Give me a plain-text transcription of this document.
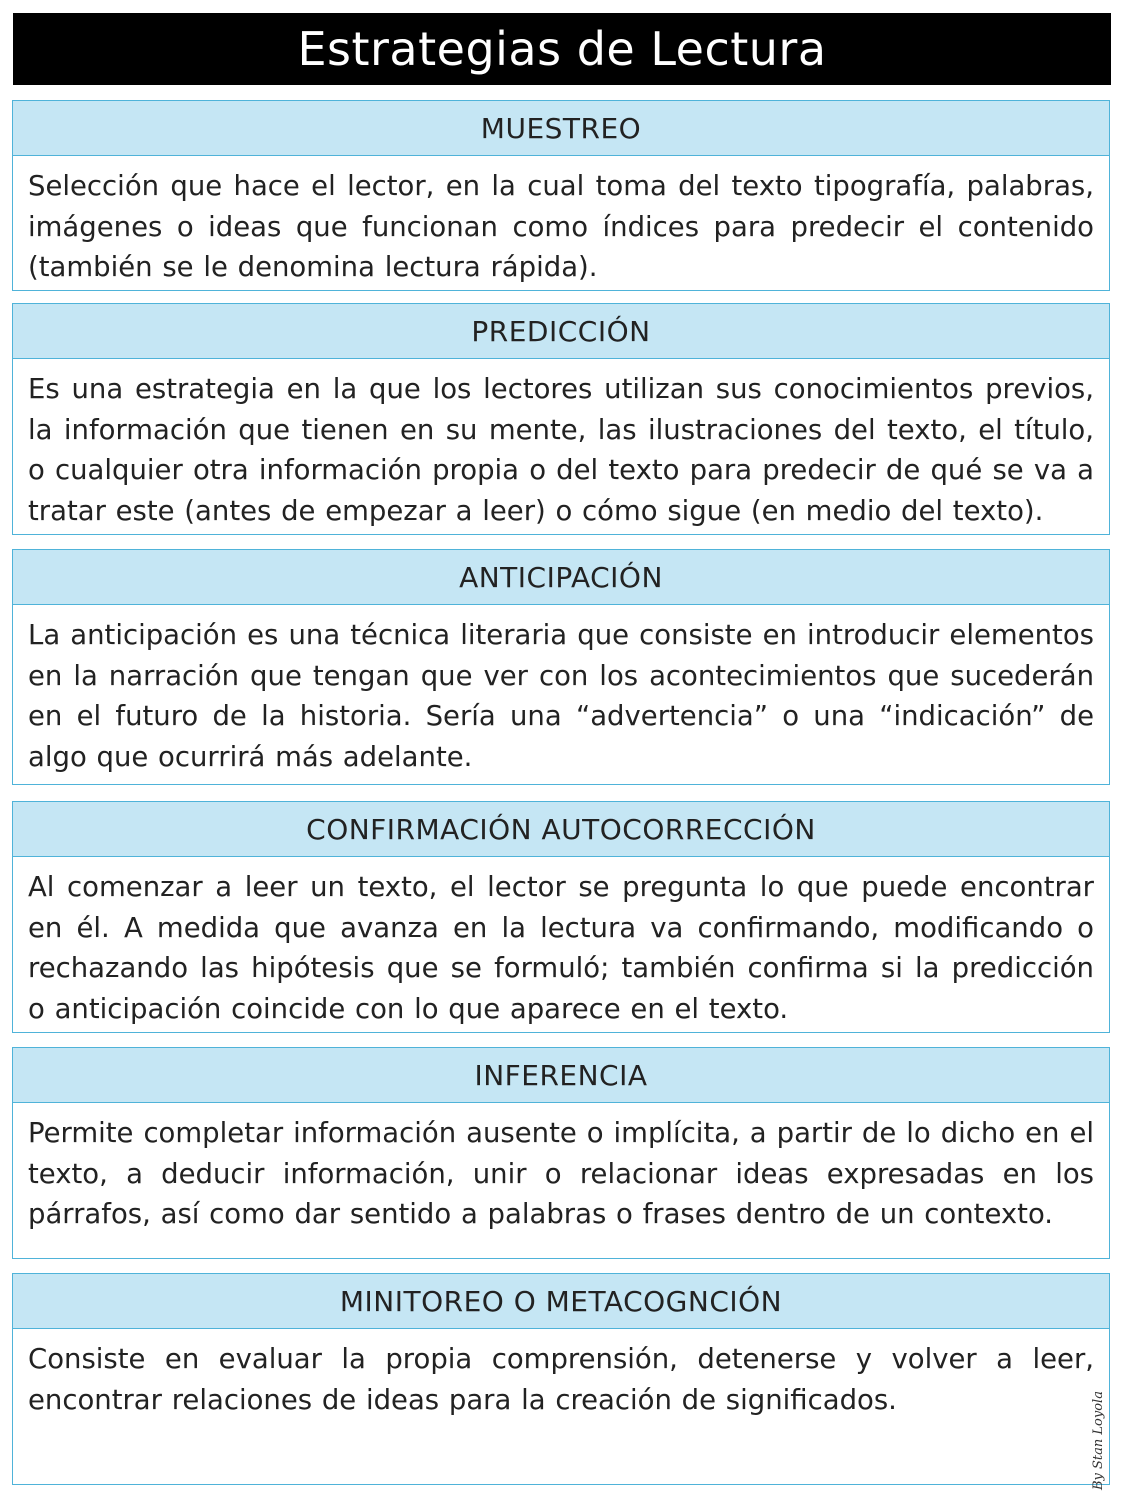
Estrategias de Lectura
MUESTREO
Selección que hace el lector, en la cual toma del texto tipografía, palabras, imágenes o ideas que funcionan como índices para predecir el contenido (también se le denomina lectura rápida).
PREDICCIÓN
Es una estrategia en la que los lectores utilizan sus conocimientos previos, la información que tienen en su mente, las ilustraciones del texto, el título, o cualquier otra información propia o del texto para predecir de qué se va a tratar este (antes de empezar a leer) o cómo sigue (en medio del texto).
ANTICIPACIÓN
La anticipación es una técnica literaria que consiste en introducir elementos en la narración que tengan que ver con los acontecimientos que sucederán en el futuro de la historia. Sería una “advertencia” o una “indicación” de algo que ocurrirá más adelante.
CONFIRMACIÓN AUTOCORRECCIÓN
Al comenzar a leer un texto, el lector se pregunta lo que puede encontrar en él. A medida que avanza en la lectura va confirmando, modificando o rechazando las hipótesis que se formuló; también confirma si la predicción o anticipación coincide con lo que aparece en el texto.
INFERENCIA
Permite completar información ausente o implícita, a partir de lo dicho en el texto, a deducir información, unir o relacionar ideas expresadas en los párrafos, así como dar sentido a palabras o frases dentro de un contexto.
MINITOREO O METACOGNCIÓN
Consiste en evaluar la propia comprensión, detenerse y volver a leer, encontrar relaciones de ideas para la creación de significados.	By Stan Loyola
